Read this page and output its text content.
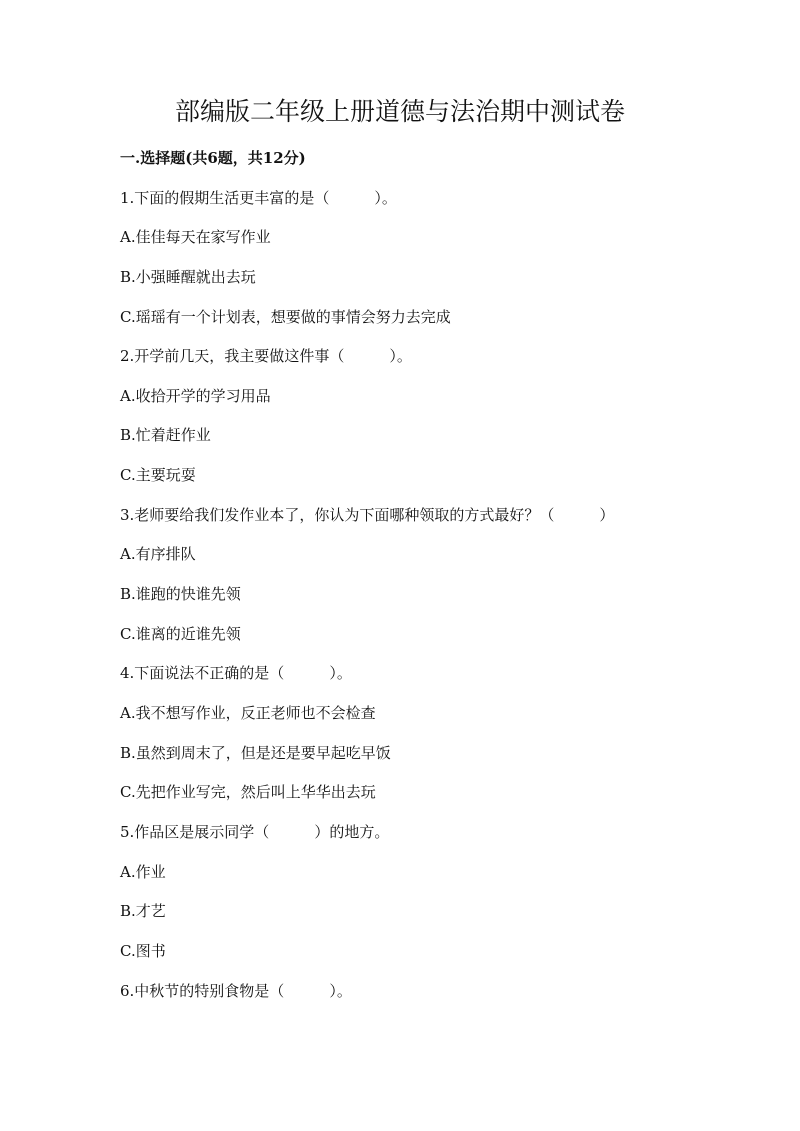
部编版二年级上册道德与法治期中测试卷
一.选择题(共6题，共12分)
1.下面的假期生活更丰富的是（　　　）。
A.佳佳每天在家写作业
B.小强睡醒就出去玩
C.瑶瑶有一个计划表，想要做的事情会努力去完成
2.开学前几天，我主要做这件事（　　　）。
A.收拾开学的学习用品
B.忙着赶作业
C.主要玩耍
3.老师要给我们发作业本了，你认为下面哪种领取的方式最好？（　　　）
A.有序排队
B.谁跑的快谁先领
C.谁离的近谁先领
4.下面说法不正确的是（　　　）。
A.我不想写作业，反正老师也不会检查
B.虽然到周末了，但是还是要早起吃早饭
C.先把作业写完，然后叫上华华出去玩
5.作品区是展示同学（　　　）的地方。
A.作业
B.才艺
C.图书
6.中秋节的特别食物是（　　　）。
